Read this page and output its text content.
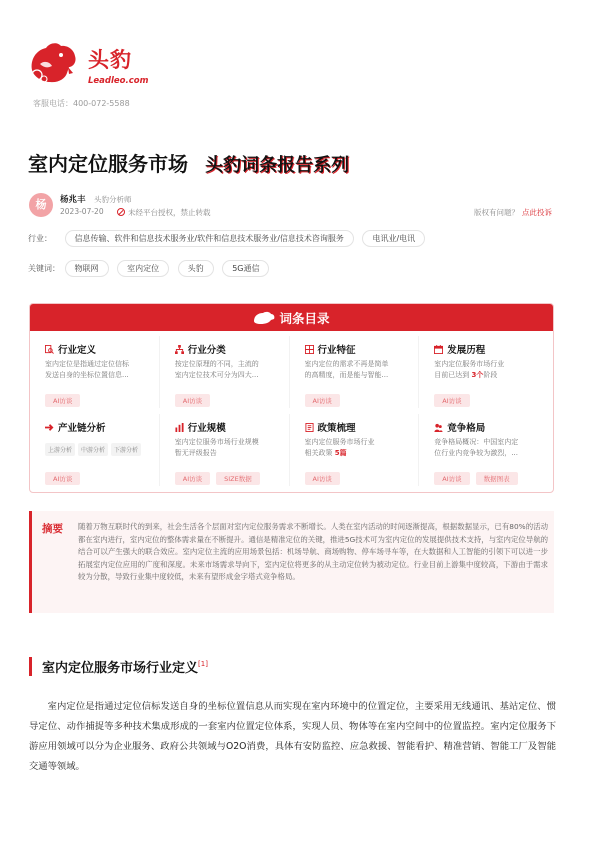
头豹
Leadleo.com
客服电话：400-072-5588
室内定位服务市场 头豹词条报告系列
杨	杨兆丰 头豹分析师
2023-07-20	未经平台授权，禁止转载	版权有问题？ 点此投诉
行业：	信息传输、软件和信息技术服务业/软件和信息技术服务业/信息技术咨询服务	电讯业/电讯
关键词： 物联网	室内定位	头豹	5G通信
词条目录
行业定义
室内定位是指通过定位信标
发送自身的坐标位置信息...
AI访谈
行业分类
按定位原理的不同，主流的
室内定位技术可分为四大...
AI访谈
行业特征
室内定位的需求不再是简单
的高精度，而是能与智能...
AI访谈
发展历程
室内定位服务市场行业
目前已达到 3个阶段
AI访谈
产业链分析
上游分析 中游分析 下游分析
AI访谈
行业规模
室内定位服务市场行业规模
暂无评级报告
AI访谈	SIZE数据
政策梳理
室内定位服务市场行业
相关政策 5篇
AI访谈
竞争格局
竞争格局概况：中国室内定
位行业内竞争较为激烈，...
AI访谈	数据图表
摘要 随着万物互联时代的到来，社会生活各个层面对室内定位服务需求不断增长。人类在室内活动的时间逐渐提高，根据数据显示，已有80%的活动都在室内进行，室内定位的整体需求量在不断提升。通信是精准定位的关键，推进5G技术可为室内定位的发展提供技术支持，与室内定位导航的结合可以产生强大的联合效应。室内定位主流的应用场景包括：机场导航、商场购物、停车场寻车等，在大数据和人工智能的引领下可以进一步拓展室内定位应用的广度和深度。未来市场需求导向下，室内定位将更多的从主动定位转为被动定位。行业目前上游集中度较高，下游由于需求较为分散，导致行业集中度较低，未来有望形成金字塔式竞争格局。
室内定位服务市场行业定义[1]
室内定位是指通过定位信标发送自身的坐标位置信息从而实现在室内环境中的位置定位，主要采用无线通讯、基站定位、惯导定位、动作捕捉等多种技术集成形成的一套室内位置定位体系，实现人员、物体等在室内空间中的位置监控。室内定位服务下游应用领域可以分为企业服务、政府公共领域与O2O消费，具体有安防监控、应急救援、智能看护、精准营销、智能工厂及智能交通等领域。
